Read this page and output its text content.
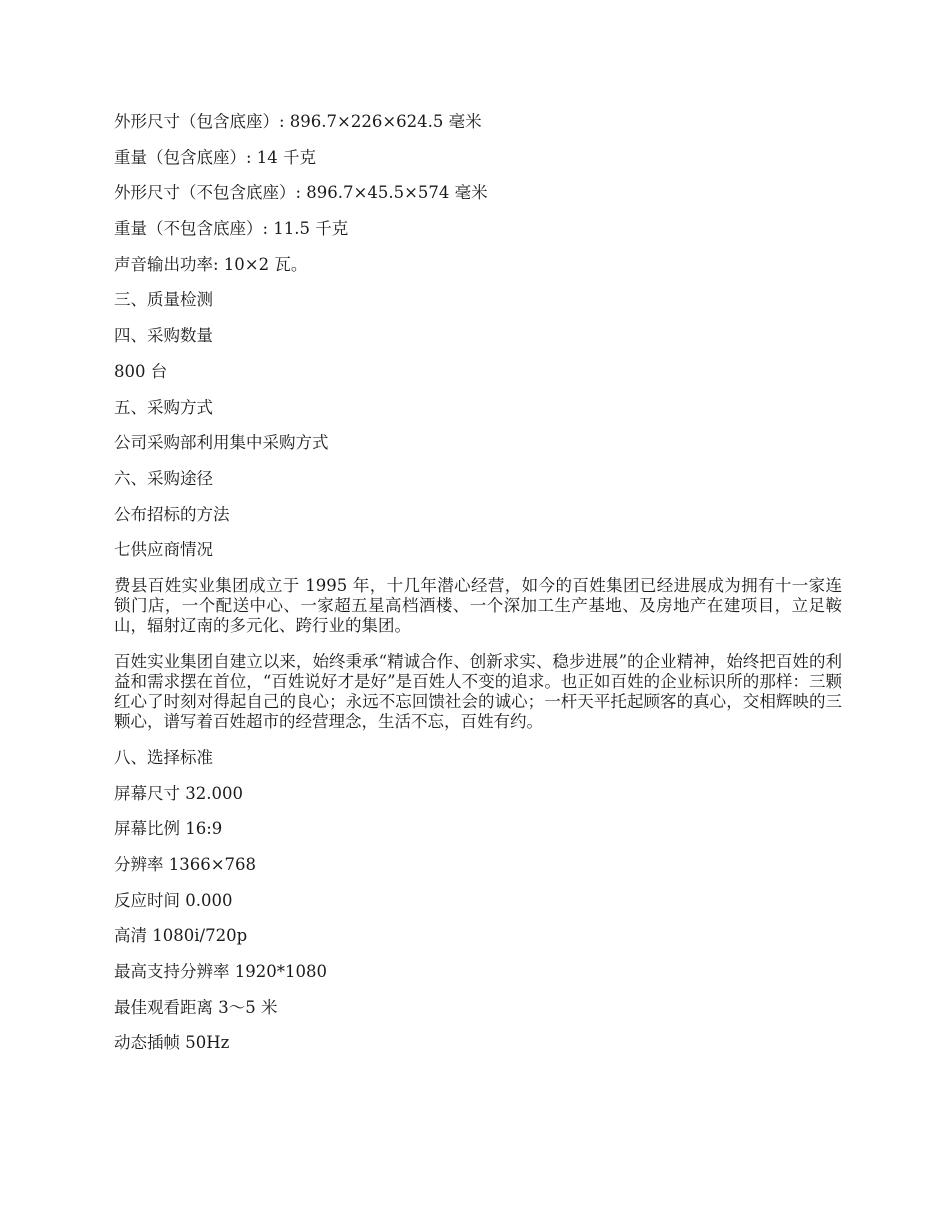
外形尺寸（包含底座）: 896.7×226×624.5 毫米

重量（包含底座）: 14 千克

外形尺寸（不包含底座）: 896.7×45.5×574 毫米

重量（不包含底座）: 11.5 千克

声音输出功率: 10×2 瓦。

三、质量检测

四、采购数量

800 台

五、采购方式

公司采购部利用集中采购方式

六、采购途径

公布招标的方法

七供应商情况

费县百姓实业集团成立于 1995 年，十几年潜心经营，如今的百姓集团已经进展成为拥有十一家连锁门店，一个配送中心、一家超五星高档酒楼、一个深加工生产基地、及房地产在建项目，立足鞍山，辐射辽南的多元化、跨行业的集团。

百姓实业集团自建立以来，始终秉承“精诚合作、创新求实、稳步进展”的企业精神，始终把百姓的利益和需求摆在首位，“百姓说好才是好”是百姓人不变的追求。也正如百姓的企业标识所的那样：三颗红心了时刻对得起自己的良心；永远不忘回馈社会的诚心；一杆天平托起顾客的真心，交相辉映的三颗心，谱写着百姓超市的经营理念，生活不忘，百姓有约。

八、选择标准

屏幕尺寸 32.000

屏幕比例 16:9

分辨率 1366×768

反应时间 0.000

高清 1080i/720p

最高支持分辨率 1920*1080

最佳观看距离 3～5 米

动态插帧 50Hz
